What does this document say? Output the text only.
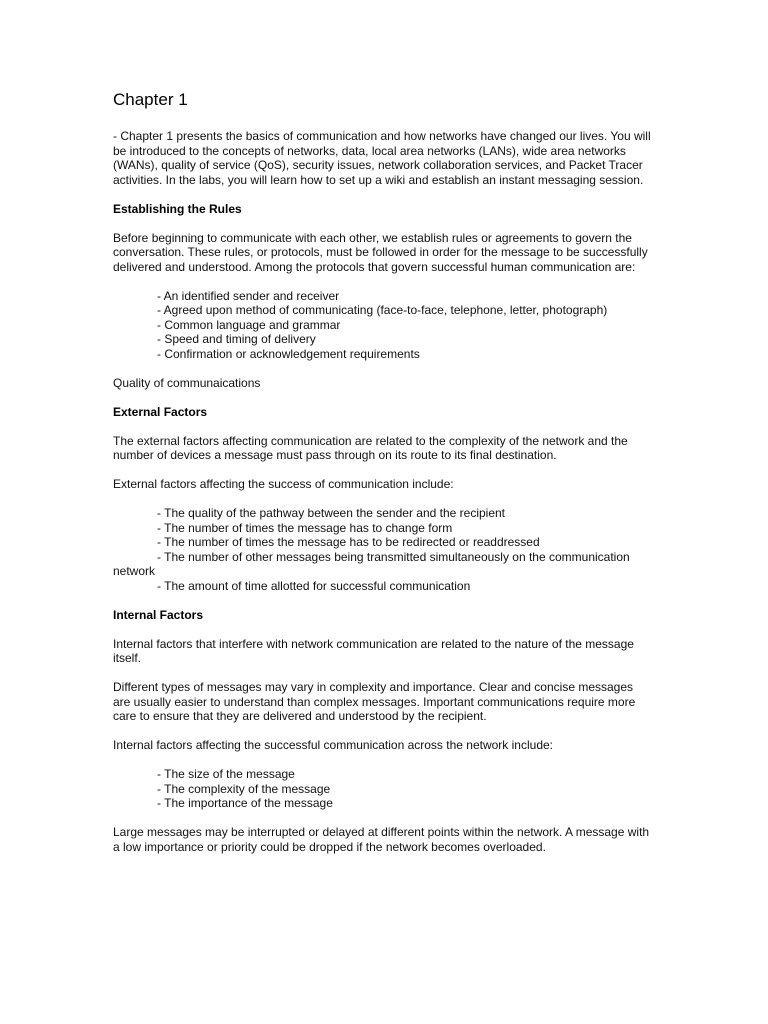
Chapter 1

- Chapter 1 presents the basics of communication and how networks have changed our lives. You will be introduced to the concepts of networks, data, local area networks (LANs), wide area networks (WANs), quality of service (QoS), security issues, network collaboration services, and Packet Tracer activities. In the labs, you will learn how to set up a wiki and establish an instant messaging session.

Establishing the Rules

Before beginning to communicate with each other, we establish rules or agreements to govern the conversation. These rules, or protocols, must be followed in order for the message to be successfully delivered and understood. Among the protocols that govern successful human communication are:

- An identified sender and receiver
- Agreed upon method of communicating (face-to-face, telephone, letter, photograph)
- Common language and grammar
- Speed and timing of delivery
- Confirmation or acknowledgement requirements

Quality of communaications

External Factors

The external factors affecting communication are related to the complexity of the network and the number of devices a message must pass through on its route to its final destination.

External factors affecting the success of communication include:

- The quality of the pathway between the sender and the recipient
- The number of times the message has to change form
- The number of times the message has to be redirected or readdressed
- The number of other messages being transmitted simultaneously on the communication network
- The amount of time allotted for successful communication
Internal Factors

Internal factors that interfere with network communication are related to the nature of the message itself.

Different types of messages may vary in complexity and importance. Clear and concise messages are usually easier to understand than complex messages. Important communications require more care to ensure that they are delivered and understood by the recipient.

Internal factors affecting the successful communication across the network include:

- The size of the message
- The complexity of the message
- The importance of the message

Large messages may be interrupted or delayed at different points within the network. A message with a low importance or priority could be dropped if the network becomes overloaded.
